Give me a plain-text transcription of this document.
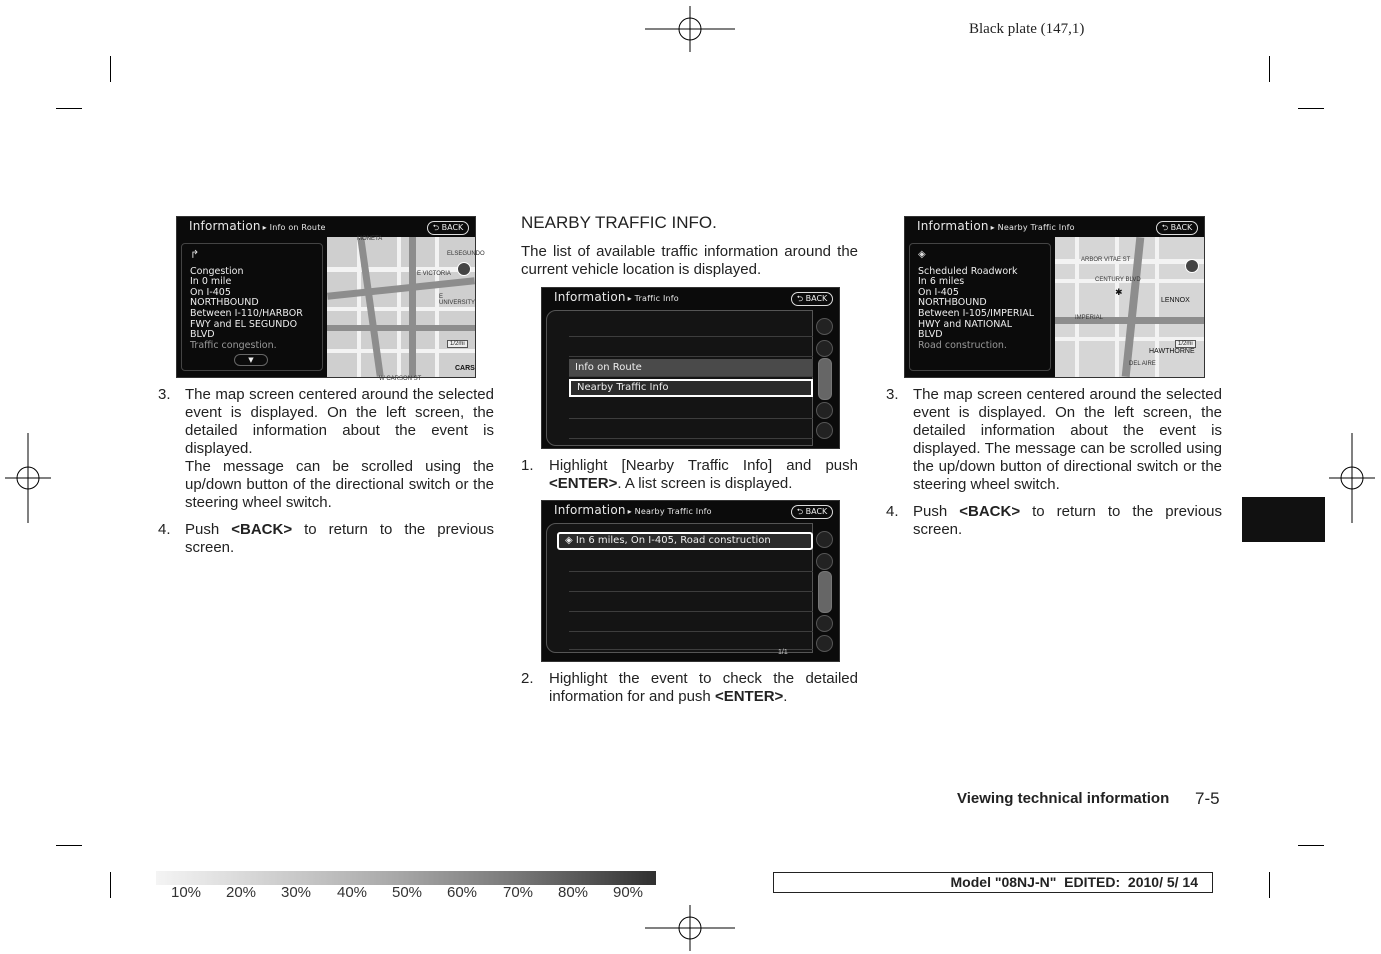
Black plate (147,1)
Information ▸ Info on Route	⮌ BACK
↱
Congestion
In 0 mile
On I-405
NORTHBOUND
Between I-110/HARBOR
FWY and EL SEGUNDO
BLVD
Traffic congestion.
▼
MONETA
ELSEGUNDO
E VICTORIA
E UNIVERSITY
W CARSON ST
CARS
1/2mi
3. The map screen centered around the selected event is displayed. On the left screen, the detailed information about the event is displayed.
The message can be scrolled using the up/down button of the directional switch or the steering wheel switch.
4. Push <BACK> to return to the previous screen.
NEARBY TRAFFIC INFO.
The list of available traffic information around the current vehicle location is displayed.
Information ▸ Traffic Info	⮌ BACK
Info on Route
Nearby Traffic Info
1. Highlight [Nearby Traffic Info] and push <ENTER>. A list screen is displayed.
Information ▸ Nearby Traffic Info	⮌ BACK
◈ In 6 miles, On I-405, Road construction
1/1
2. Highlight the event to check the detailed information for and push <ENTER>.
Information ▸ Nearby Traffic Info	⮌ BACK
◈
Scheduled Roadwork
In 6 miles
On I-405
NORTHBOUND
Between I-105/IMPERIAL
HWY and NATIONAL
BLVD
Road construction.
ARBOR VITAE ST
CENTURY BLVD
LENNOX
IMPERIAL
HAWTHORNE
DEL AIRE
1/2mi
✱
3. The map screen centered around the selected event is displayed. On the left screen, the detailed information about the event is displayed. The message can be scrolled using the up/down button of directional switch or the steering wheel switch.
4. Push <BACK> to return to the previous screen.
Viewing technical information 7-5
10% 20% 30% 40% 50% 60% 70% 80% 90%
Model "08NJ-N"  EDITED:  2010/ 5/ 14
